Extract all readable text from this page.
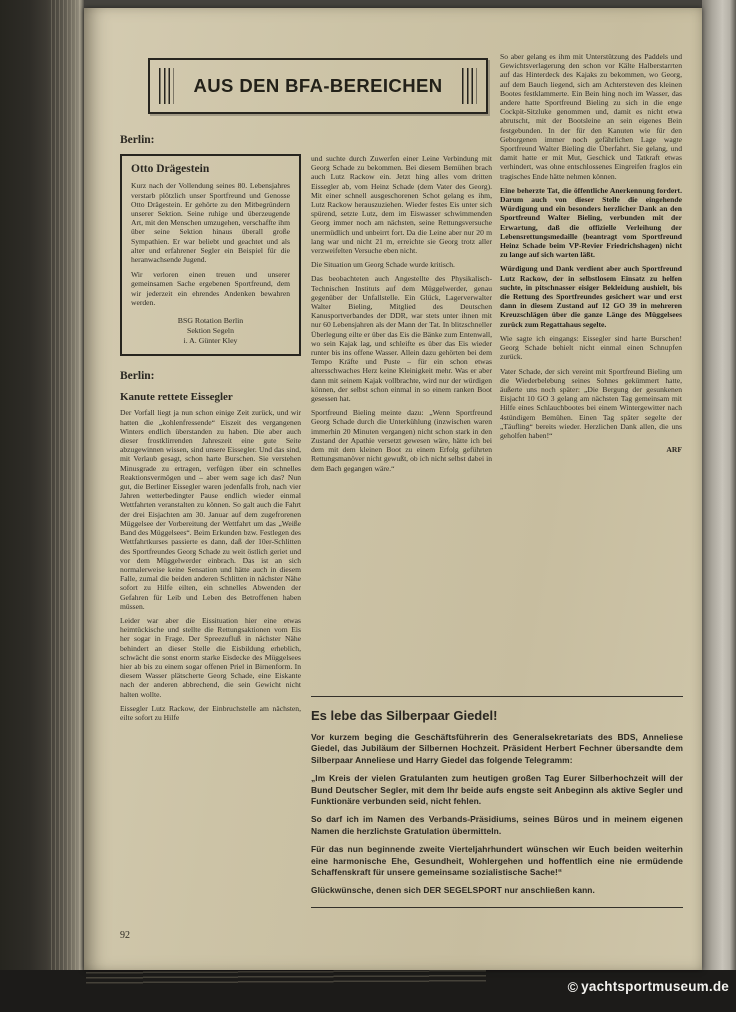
AUS DEN BFA-BEREICHEN
Berlin:
Otto Drägestein

Kurz nach der Vollendung seines 80. Lebensjahres verstarb plötzlich unser Sportfreund und Genosse Otto Drägestein. Er gehörte zu den Mitbegründern unserer Sektion. Seine ruhige und überzeugende Art, mit den Menschen umzugehen, verschaffte ihm über seine Sektion hinaus überall große Sympathien. Er war beliebt und geachtet und als alter und erfahrener Segler ein Beispiel für die heranwachsende Jugend.

Wir verloren einen treuen und unserer gemeinsamen Sache ergebenen Sportfreund, dem wir jederzeit ein ehrendes Andenken bewahren werden.

BSG Rotation Berlin
Sektion Segeln
i. A. Günter Kley
Berlin:
Kanute rettete Eissegler

Der Vorfall liegt ja nun schon einige Zeit zurück, und wir hatten die „kohlenfressende“ Eiszeit des vergangenen Winters endlich überstanden zu haben. Die aber auch dieser frostklirrenden Jahreszeit eine gute Seite abzugewinnen wissen, sind unsere Eissegler. Und das sind, mit Verlaub gesagt, schon harte Burschen. Sie verstehen Minusgrade zu ertragen, verfügen über ein schnelles Reaktionsvermögen und – aber wem sage ich das? Nun gut, die Berliner Eissegler waren jedenfalls froh, nach vier Jahren wetterbedingter Pause endlich wieder einmal Wettfahrten veranstalten zu können. So galt auch die Fahrt der drei Eisjachten am 30. Januar auf dem zugefrorenen Müggelsee der Vorbereitung der Wettfahrt um das „Weiße Band des Müggelsees“. Beim Erkunden bzw. Festlegen des Wettfahrtkurses passierte es dann, daß der 10er-Schlitten des Sportfreundes Georg Schade zu weit östlich geriet und vor dem Müggelwerder einbrach. Das ist an sich normalerweise keine Sensation und hätte auch in diesem Falle, zumal die beiden anderen Schlitten in nächster Nähe sofort zu Hilfe eilten, ein schnelles Abwenden der Gefahren für Leib und Leben des Betroffenen haben müssen.

Leider war aber die Eissituation hier eine etwas heimtückische und stellte die Rettungsaktionen vom Eis her sogar in Frage. Der Spreezufluß in nächster Nähe behindert an dieser Stelle die Eisbildung erheblich, schwächt die sonst enorm starke Eisdecke des Müggelsees hier ab bis zu einem sogar offenen Priel in Birnenform. In diesem Wasser plätscherte Georg Schade, eine Eiskante nach der anderen abbrechend, die sein Gewicht nicht halten wollte.

Eissegler Lutz Rackow, der Einbruchstelle am nächsten, eilte sofort zu Hilfe

und suchte durch Zuwerfen einer Leine Verbindung mit Georg Schade zu bekommen. Bei diesem Bemühen brach auch Lutz Rackow ein. Jetzt hing alles vom dritten Eissegler ab, vom Heinz Schade (dem Vater des Georg). Mit einer schnell ausgeschorenen Schot gelang es ihm, Lutz Rackow herauszuziehen. Wieder festes Eis unter sich spürend, setzte Lutz, dem im Eiswasser schwimmenden Georg immer noch am nächsten, seine Rettungsversuche unermüdlich und unbeirrt fort. Da die Leine aber nur 20 m lang war und nicht 21 m, erreichte sie Georg trotz aller verzweifelten Versuche eben nicht.

Die Situation um Georg Schade wurde kritisch.

Das beobachteten auch Angestellte des Physikalisch-Technischen Instituts auf dem Müggelwerder, genau gegenüber der Unfallstelle. Ein Glück, Lagerverwalter Walter Bieling, Mitglied des Deutschen Kanusportverbandes der DDR, war stets unter ihnen mit nur 60 Lebensjahren als der Mann der Tat. In blitzschneller Überlegung eilte er über das Eis die Bänke zum Entenwall, wo sein Kajak lag, und schleifte es über das Eis wieder runter bis ins offene Wasser. Allein dazu gehörten bei dem Tempo Kräfte und Puste – für ein schon etwas altersschwaches Herz keine Kleinigkeit mehr. Was er aber dann mit seinem Kajak vollbrachte, wird nur der würdigen können, der selbst schon einmal in so einem ranken Boot gesessen hat.

Sportfreund Bieling meinte dazu: „Wenn Sportfreund Georg Schade durch die Unterkühlung (inzwischen waren immerhin 20 Minuten vergangen) nicht schon stark in den Zustand der Apathie versetzt gewesen wäre, hätte ich bei dem mit dem kleinen Boot zu einem Erfolg geführten Rettungsmanöver nicht gewußt, ob ich nicht selbst dabei in dem Bach gegangen wäre.“

So aber gelang es ihm mit Unterstützung des Paddels und Gewichtsverlagerung den schon vor Kälte Halberstarrten auf das Hinterdeck des Kajaks zu bekommen, wo Georg, auf dem Bauch liegend, sich am Achtersteven des kleinen Bootes festklammerte. Ein Bein hing noch im Wasser, das andere hatte Sportfreund Bieling zu sich in die enge Cockpit-Sitzluke genommen und, damit es nicht etwa abrutscht, mit der Bootsleine an sein eigenes Bein festgebunden. In der für den Kanuten wie für den Geborgenen immer noch gefährlichen Lage wagte Sportfreund Walter Bieling die Überfahrt. Sie gelang, und damit hatte er mit Mut, Geschick und Tatkraft etwas verhindert, was ohne entschlossenes Eingreifen fraglos ein tragisches Ende hätte nehmen können.

Eine beherzte Tat, die öffentliche Anerkennung fordert. Darum auch von dieser Stelle die eingehende Würdigung und ein besonders herzlicher Dank an den Sportfreund Walter Bieling, verbunden mit der Erwartung, daß die offizielle Verleihung der Lebensrettungsmedaille (beantragt vom Sportfreund Heinz Schade beim VP-Revier Friedrichshagen) nicht zu lange auf sich warten läßt.

Würdigung und Dank verdient aber auch Sportfreund Lutz Rackow, der in selbstlosem Einsatz zu helfen suchte, in pitschnasser eisiger Bekleidung aushielt, bis die Rettung des Sportfreundes gesichert war und erst dann in diesem Zustand auf 12 GO 39 in mehreren Kreuzschlägen über die ganze Länge des Müggelsees zurück zum Regattahaus segelte.

Wie sagte ich eingangs: Eissegler sind harte Burschen! Georg Schade behielt nicht einmal einen Schnupfen zurück.

Vater Schade, der sich vereint mit Sportfreund Bieling um die Wiederbelebung seines Sohnes gekümmert hatte, äußerte uns noch später: „Die Bergung der gesunkenen Eisjacht 10 GO 3 gelang am nächsten Tag gemeinsam mit Hilfe eines Schlauchbootes bei einem Wintergewitter nach 4stündigem Bemühen. Einen Tag später segelte der „Täufling“ bereits wieder. Herzlichen Dank allen, die uns geholfen haben!“

ARF

Es lebe das Silberpaar Giedel!

Vor kurzem beging die Geschäftsführerin des Generalsekretariats des BDS, Anneliese Giedel, das Jubiläum der Silbernen Hochzeit. Präsident Herbert Fechner übersandte dem Silberpaar Anneliese und Harry Giedel das folgende Telegramm:

„Im Kreis der vielen Gratulanten zum heutigen großen Tag Eurer Silberhochzeit will der Bund Deutscher Segler, mit dem Ihr beide aufs engste seit Anbeginn als aktive Segler und Funktionäre verbunden seid, nicht fehlen.

So darf ich im Namen des Verbands-Präsidiums, seines Büros und in meinem eigenen Namen die herzlichste Gratulation übermitteln.

Für das nun beginnende zweite Vierteljahrhundert wünschen wir Euch beiden weiterhin eine harmonische Ehe, Gesundheit, Wohlergehen und hoffentlich eine nie ermüdende Schaffenskraft für unsere gemeinsame sozialistische Sache!“

Glückwünsche, denen sich DER SEGELSPORT nur anschließen kann.

92
© yachtsportmuseum.de
